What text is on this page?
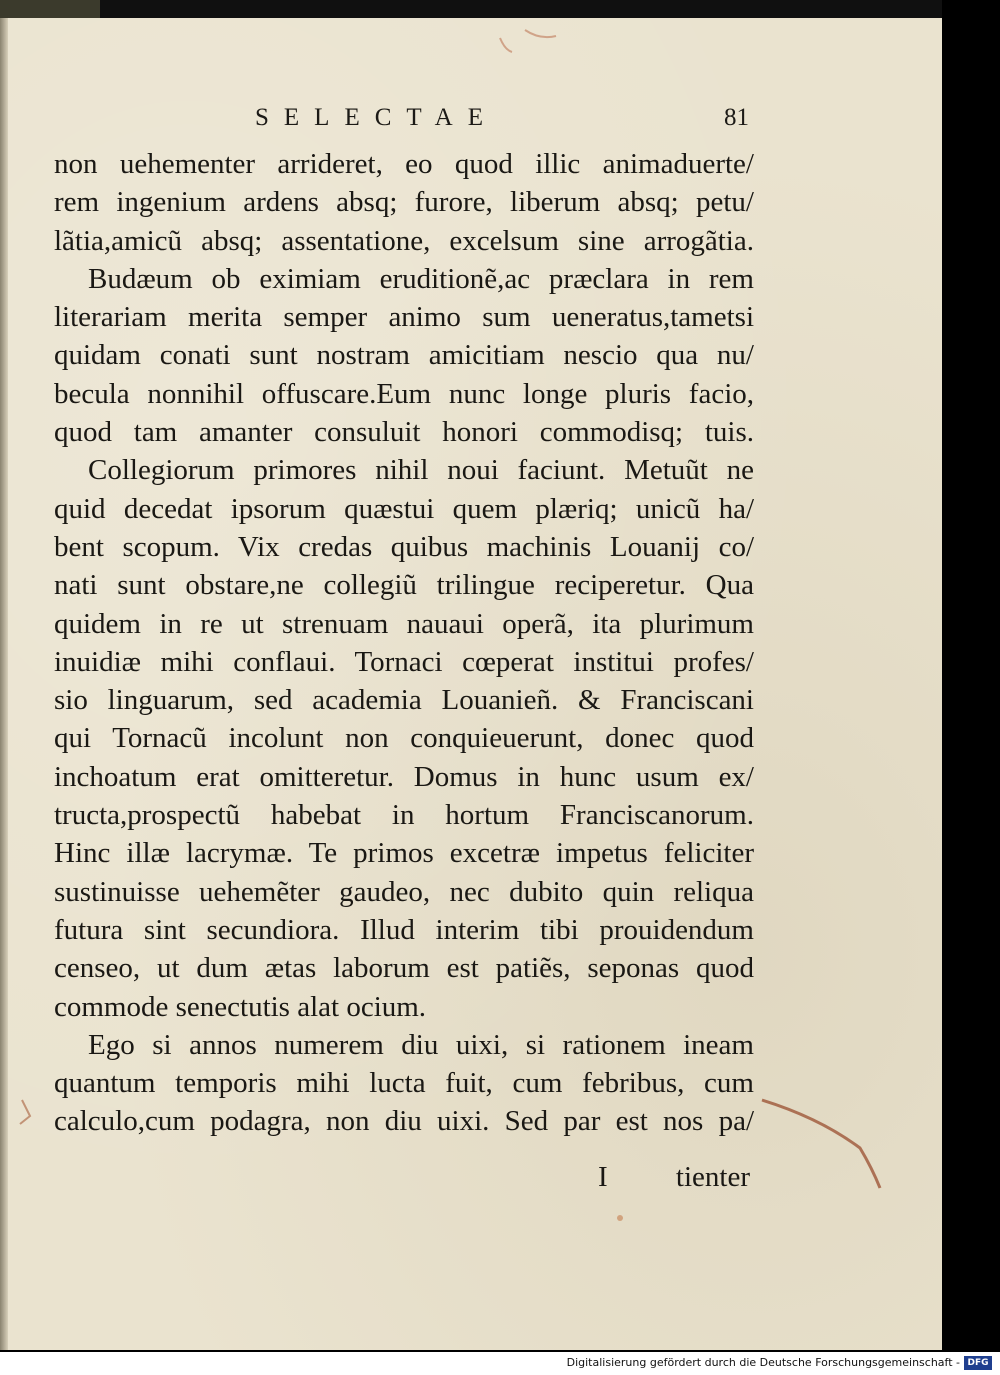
SELECTAE	81
non uehementer arrideret, eo quod illic animaduerte/
rem ingenium ardens absq; furore, liberum absq; petu/
lãtia,amicũ absq; assentatione, excelsum sine arrogãtia.
Budæum ob eximiam eruditionẽ,ac præclara in rem
literariam merita semper animo sum ueneratus,tametsi
quidam conati sunt nostram amicitiam nescio qua nu/
becula nonnihil offuscare.Eum nunc longe pluris facio,
quod tam amanter consuluit honori commodisq; tuis.
Collegiorum primores nihil noui faciunt. Metuũt ne
quid decedat ipsorum quæstui quem plæriq; unicũ ha/
bent scopum. Vix credas quibus machinis Louanij co/
nati sunt obstare,ne collegiũ trilingue reciperetur. Qua
quidem in re ut strenuam nauaui operã, ita plurimum
inuidiæ mihi conflaui. Tornaci cœperat institui profes/
sio linguarum, sed academia Louanieñ. & Franciscani
qui Tornacũ incolunt non conquieuerunt, donec quod
inchoatum erat omitteretur. Domus in hunc usum ex/
tructa,prospectũ habebat in hortum Franciscanorum.
Hinc illæ lacrymæ. Te primos excetræ impetus feliciter
sustinuisse uehemẽter gaudeo, nec dubito quin reliqua
futura sint secundiora. Illud interim tibi prouidendum
censeo, ut dum ætas laborum est patiẽs, seponas quod
commode senectutis alat ocium.
Ego si annos numerem diu uixi, si rationem ineam
quantum temporis mihi lucta fuit, cum febribus, cum
calculo,cum podagra, non diu uixi. Sed par est nos pa/
I tienter
Digitalisierung gefördert durch die Deutsche Forschungsgemeinschaft - DFG
